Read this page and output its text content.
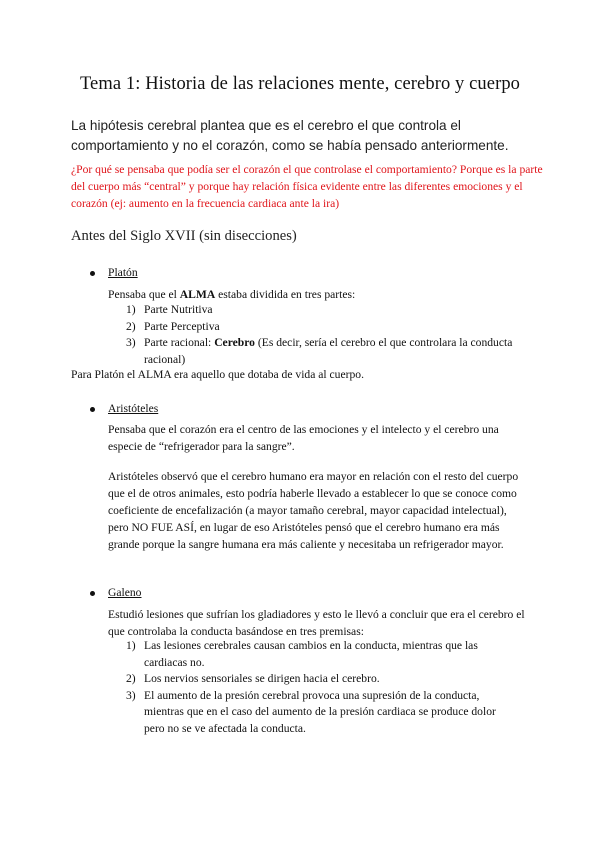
Tema 1: Historia de las relaciones mente, cerebro y cuerpo
La hipótesis cerebral plantea que es el cerebro el que controla el comportamiento y no el corazón, como se había pensado anteriormente.
¿Por qué se pensaba que podía ser el corazón el que controlase el comportamiento? Porque es la parte del cuerpo más “central” y porque hay relación física evidente entre las diferentes emociones y el corazón (ej: aumento en la frecuencia cardiaca ante la ira)
Antes del Siglo XVII (sin disecciones)
Platón
Pensaba que el ALMA estaba dividida en tres partes:
1) Parte Nutritiva
2) Parte Perceptiva
3) Parte racional: Cerebro (Es decir, sería el cerebro el que controlara la conducta racional)
Para Platón el ALMA era aquello que dotaba de vida al cuerpo.
Aristóteles
Pensaba que el corazón era el centro de las emociones y el intelecto y el cerebro una especie de “refrigerador para la sangre”.
Aristóteles observó que el cerebro humano era mayor en relación con el resto del cuerpo que el de otros animales, esto podría haberle llevado a establecer lo que se conoce como coeficiente de encefalización (a mayor tamaño cerebral, mayor capacidad intelectual), pero NO FUE ASÍ, en lugar de eso Aristóteles pensó que el cerebro humano era más grande porque la sangre humana era más caliente y necesitaba un refrigerador mayor.
Galeno
Estudió lesiones que sufrían los gladiadores y esto le llevó a concluir que era el cerebro el que controlaba la conducta basándose en tres premisas:
1) Las lesiones cerebrales causan cambios en la conducta, mientras que las cardiacas no.
2) Los nervios sensoriales se dirigen hacia el cerebro.
3) El aumento de la presión cerebral provoca una supresión de la conducta, mientras que en el caso del aumento de la presión cardiaca se produce dolor pero no se ve afectada la conducta.
